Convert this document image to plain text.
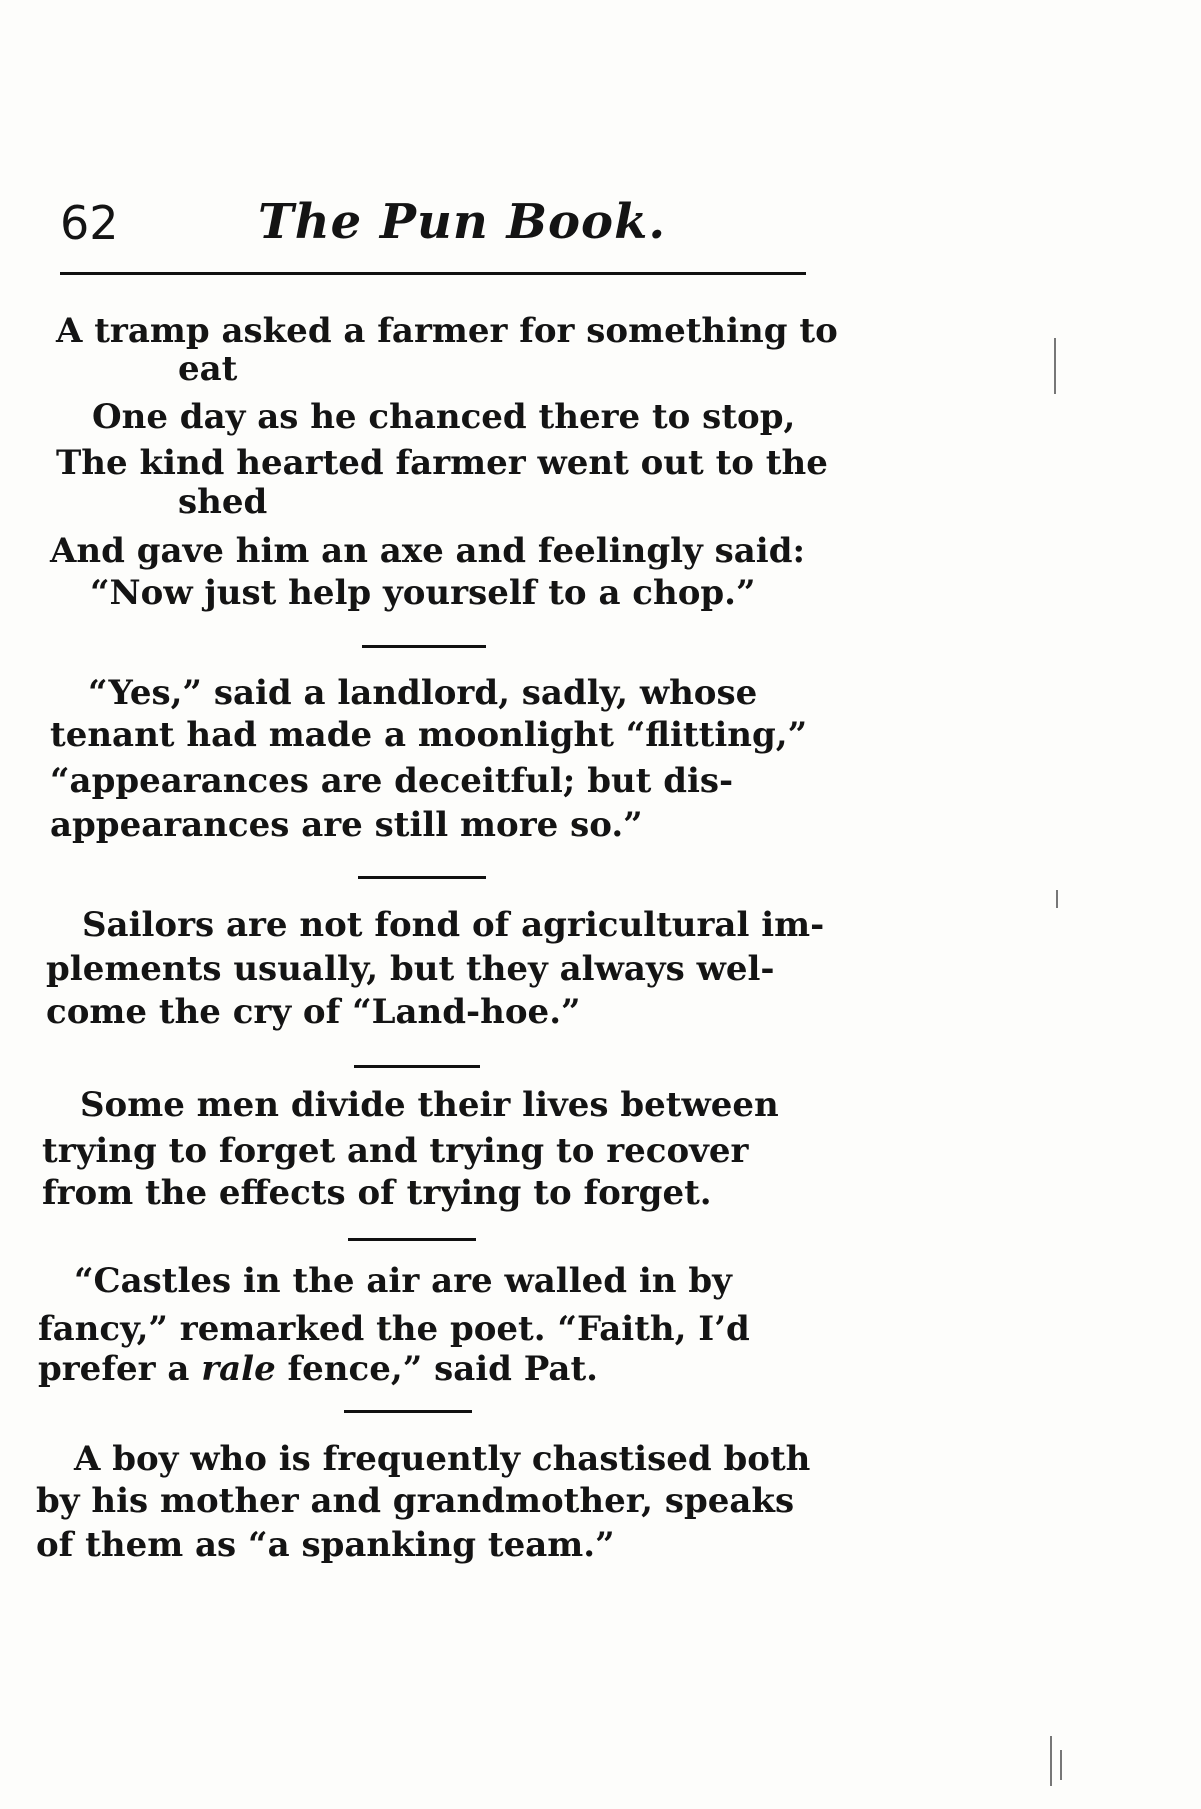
62	The Pun Book.

A tramp asked a farmer for something to

eat

One day as he chanced there to stop,

The kind hearted farmer went out to the

shed

And gave him an axe and feelingly said:

“Now just help yourself to a chop.”

“Yes,” said a landlord, sadly, whose

tenant had made a moonlight “flitting,”

“appearances are deceitful; but dis-

appearances are still more so.”

Sailors are not fond of agricultural im-

plements usually, but they always wel-

come the cry of “Land-hoe.”

Some men divide their lives between

trying to forget and trying to recover

from the effects of trying to forget.

“Castles in the air are walled in by

fancy,” remarked the poet. “Faith, I’d

prefer a rale fence,” said Pat.

A boy who is frequently chastised both

by his mother and grandmother, speaks

of them as “a spanking team.”
